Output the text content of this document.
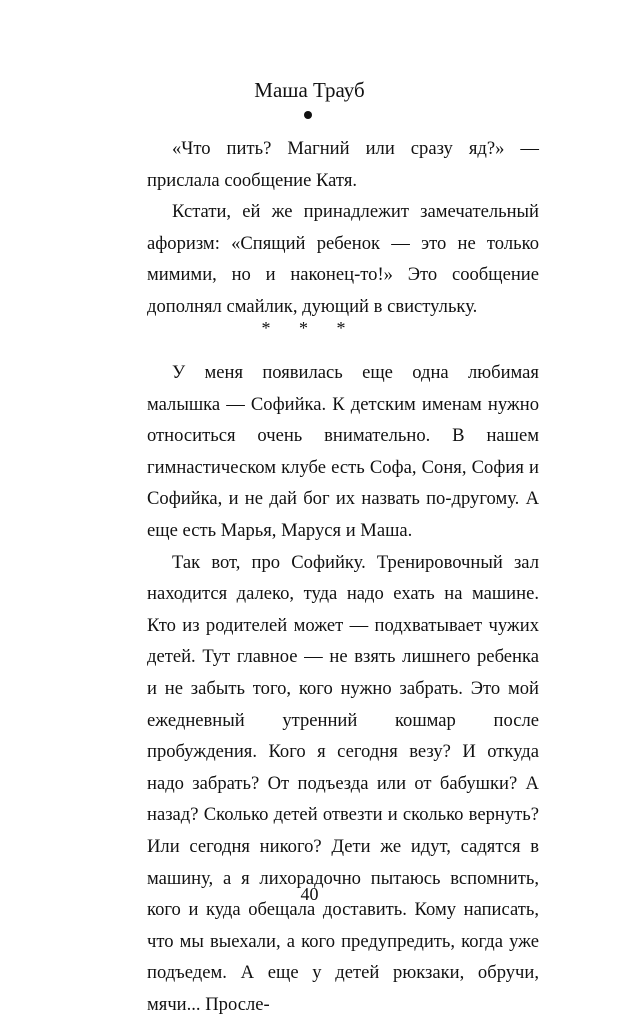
Маша Трауб

«Что пить? Магний или сразу яд?» — прислала сообщение Катя.

Кстати, ей же принадлежит замечательный афоризм: «Спящий ребенок — это не только мимими, но и наконец-то!» Это сообщение дополнял смайлик, дующий в свистульку.

* * *

У меня появилась еще одна любимая малышка — Софийка. К детским именам нужно относиться очень внимательно. В нашем гимнастическом клубе есть Софа, Соня, София и Софийка, и не дай бог их назвать по-другому. А еще есть Марья, Маруся и Маша.

Так вот, про Софийку. Тренировочный зал находится далеко, туда надо ехать на машине. Кто из родителей может — подхватывает чужих детей. Тут главное — не взять лишнего ребенка и не забыть того, кого нужно забрать. Это мой ежедневный утренний кошмар после пробуждения. Кого я сегодня везу? И откуда надо забрать? От подъезда или от бабушки? А назад? Сколько детей отвезти и сколько вернуть? Или сегодня никого? Дети же идут, садятся в машину, а я лихорадочно пытаюсь вспомнить, кого и куда обещала доставить. Кому написать, что мы выехали, а кого предупредить, когда уже подъедем. А еще у детей рюкзаки, обручи, мячи... Просле-

40
